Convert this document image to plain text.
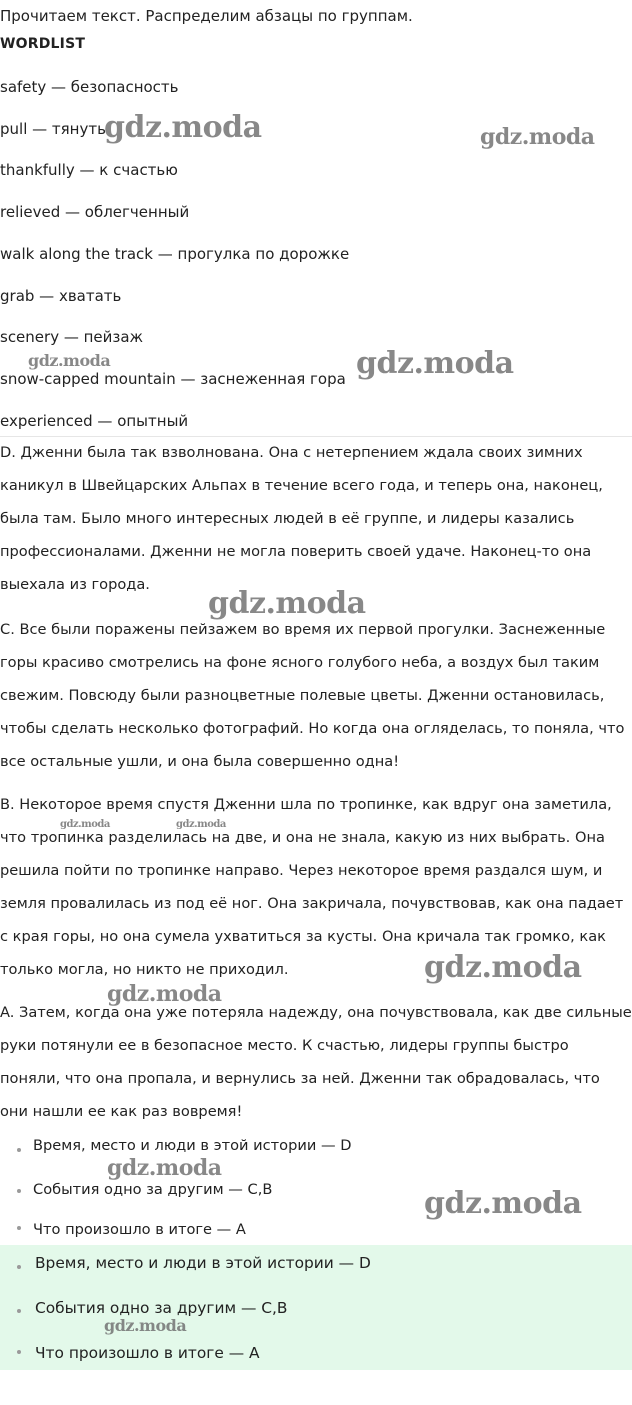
Прочитаем текст. Распределим абзацы по группам.
WORDLIST
safety — безопасность
pull — тянуть
thankfully — к счастью
relieved — облегченный
walk along the track — прогулка по дорожке
grab — хватать
scenery — пейзаж
snow-capped mountain — заснеженная гора
experienced — опытный
D. Дженни была так взволнована. Она с нетерпением ждала своих зимних
каникул в Швейцарских Альпах в течение всего года, и теперь она, наконец,
была там. Было много интересных людей в её группе, и лидеры казались
профессионалами. Дженни не могла поверить своей удаче. Наконец-то она
выехала из города.
C. Все были поражены пейзажем во время их первой прогулки. Заснеженные
горы красиво смотрелись на фоне ясного голубого неба, а воздух был таким
свежим. Повсюду были разноцветные полевые цветы. Дженни остановилась,
чтобы сделать несколько фотографий. Но когда она огляделась, то поняла, что
все остальные ушли, и она была совершенно одна!
B. Некоторое время спустя Дженни шла по тропинке, как вдруг она заметила,
что тропинка разделилась на две, и она не знала, какую из них выбрать. Она
решила пойти по тропинке направо. Через некоторое время раздался шум, и
земля провалилась из под её ног. Она закричала, почувствовав, как она падает
с края горы, но она сумела ухватиться за кусты. Она кричала так громко, как
только могла, но никто не приходил.
A. Затем, когда она уже потеряла надежду, она почувствовала, как две сильные
руки потянули ее в безопасное место. К счастью, лидеры группы быстро
поняли, что она пропала, и вернулись за ней. Дженни так обрадовалась, что
они нашли ее как раз вовремя!
Время, место и люди в этой истории — D
События одно за другим — C,B
Что произошло в итоге — A
Время, место и люди в этой истории — D
События одно за другим — C,B
Что произошло в итоге — A
gdz.moda	gdz.moda
gdz.moda	gdz.moda
gdz.moda
gdz.moda	gdz.moda
gdz.moda
gdz.moda
gdz.moda
gdz.moda
gdz.moda
